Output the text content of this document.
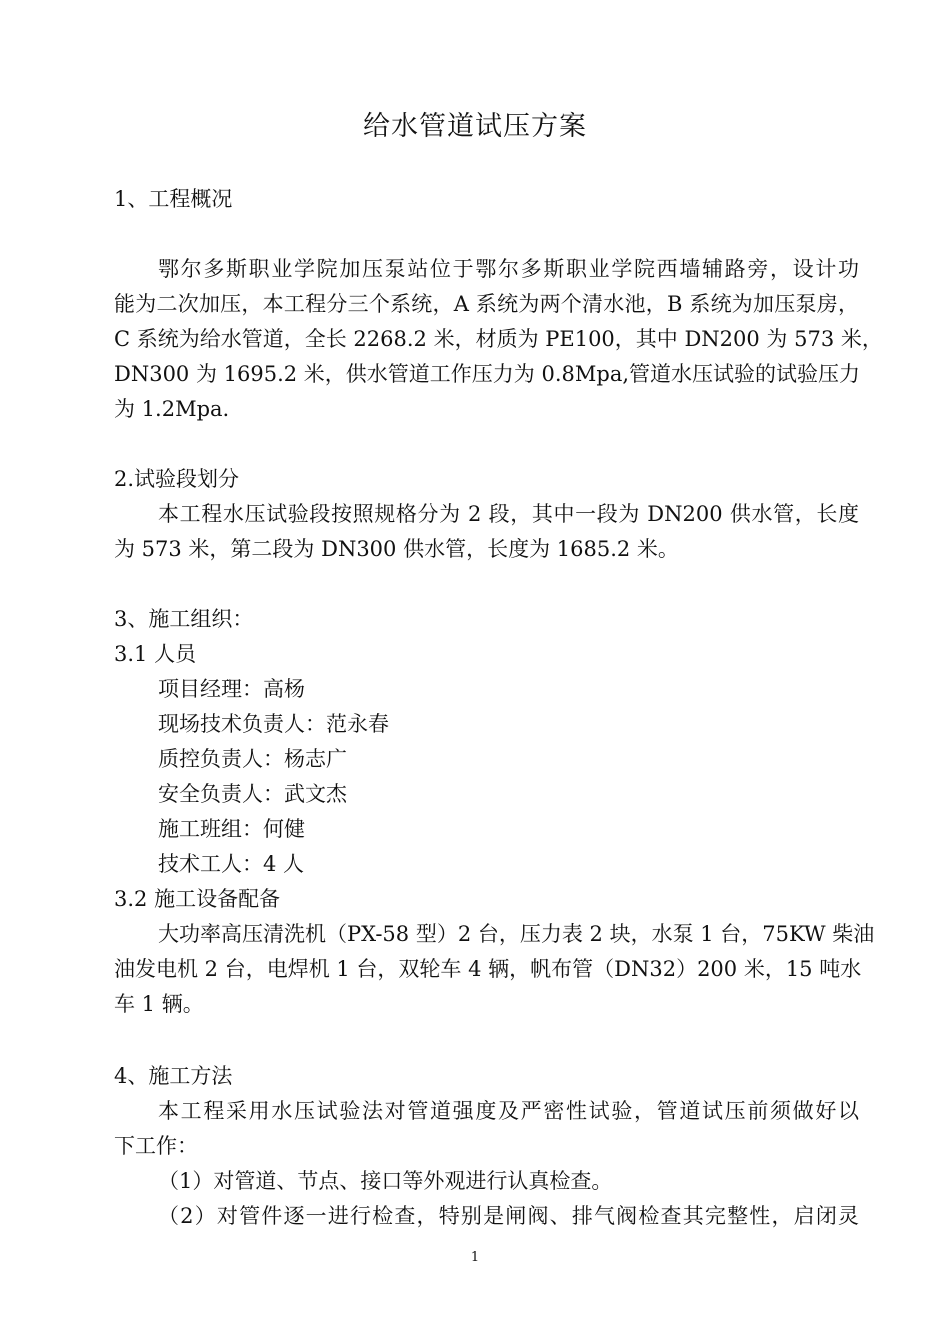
给水管道试压方案

1、工程概况

鄂尔多斯职业学院加压泵站位于鄂尔多斯职业学院西墙辅路旁，设计功

能为二次加压，本工程分三个系统，A 系统为两个清水池，B 系统为加压泵房，

C 系统为给水管道，全长 2268.2 米，材质为 PE100，其中 DN200 为 573 米，

DN300 为 1695.2 米，供水管道工作压力为 0.8Mpa,管道水压试验的试验压力

为 1.2Mpa.

2.试验段划分

本工程水压试验段按照规格分为 2 段，其中一段为 DN200 供水管，长度

为 573 米，第二段为 DN300 供水管，长度为 1685.2 米。

3、施工组织：

3.1 人员

项目经理：高杨

现场技术负责人：范永春

质控负责人：杨志广

安全负责人：武文杰

施工班组：何健

技术工人：4 人

3.2 施工设备配备

大功率高压清洗机（PX-58 型）2 台，压力表 2 块，水泵 1 台，75KW 柴油

油发电机 2 台，电焊机 1 台，双轮车 4 辆，帆布管（DN32）200 米，15 吨水

车 1 辆。

4、施工方法

本工程采用水压试验法对管道强度及严密性试验，管道试压前须做好以

下工作：

（1）对管道、节点、接口等外观进行认真检查。

（2）对管件逐一进行检查，特别是闸阀、排气阀检查其完整性，启闭灵

1
